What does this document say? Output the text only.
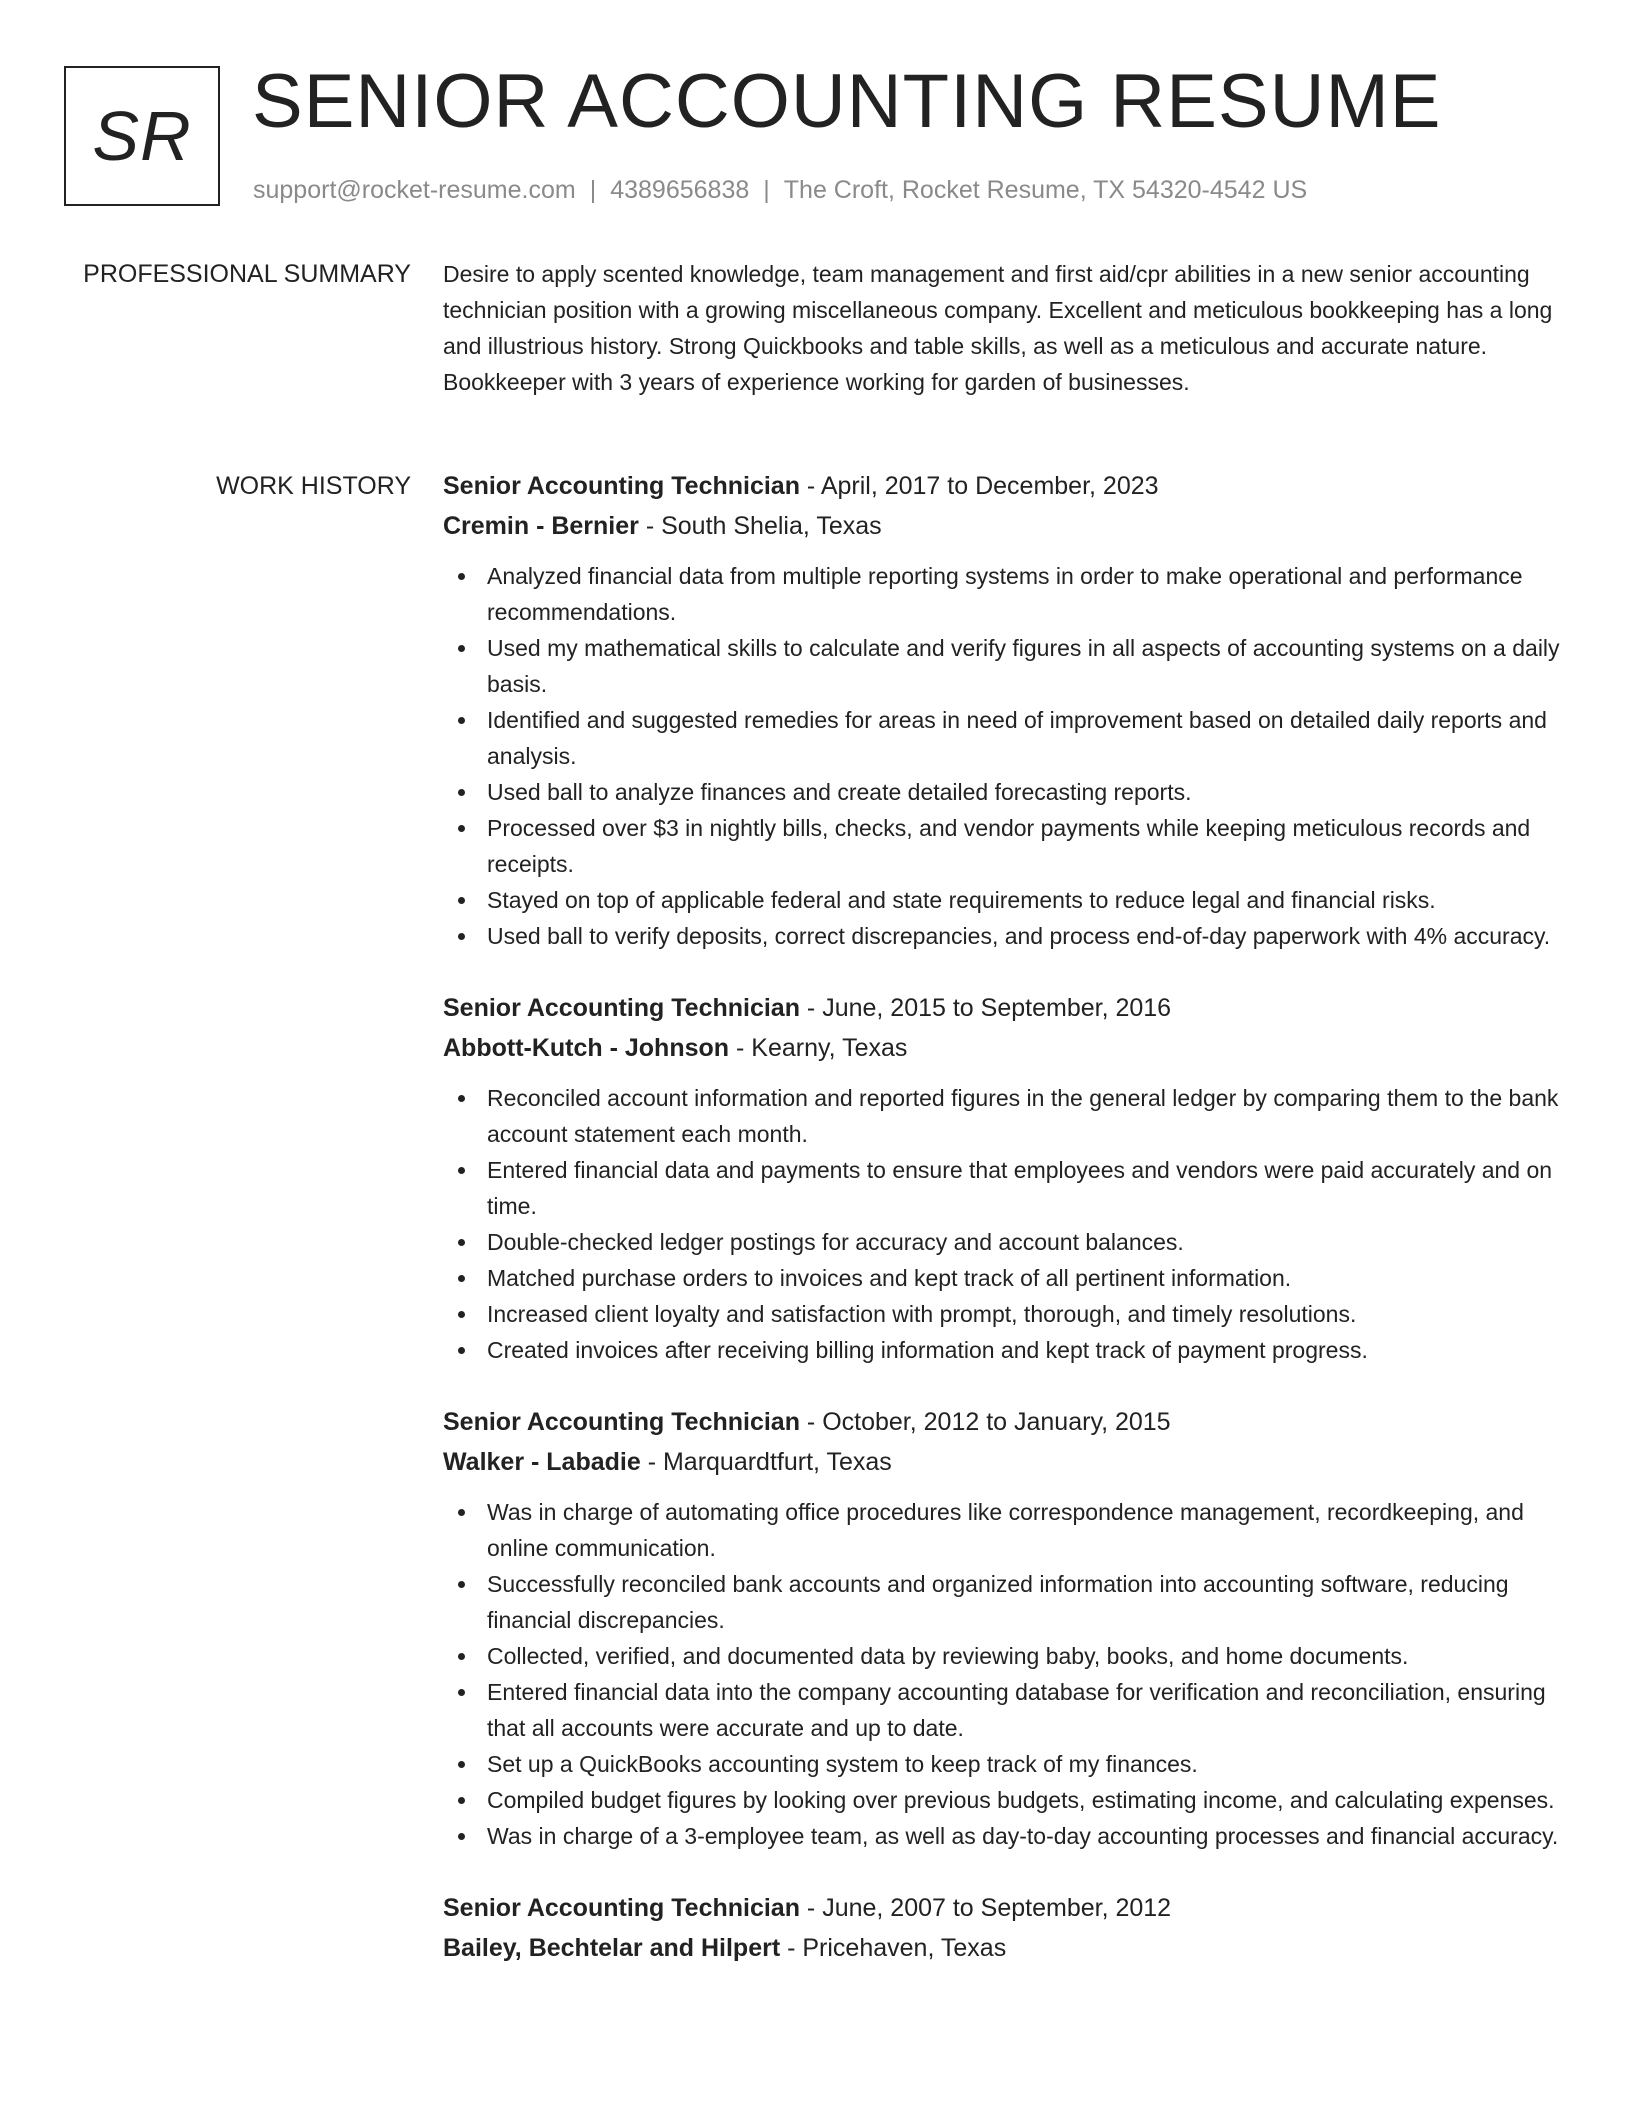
SR SENIOR ACCOUNTING RESUME
support@rocket-resume.com | 4389656838 | The Croft, Rocket Resume, TX 54320-4542 US
PROFESSIONAL SUMMARY Desire to apply scented knowledge, team management and first aid/cpr abilities in a new senior accounting technician position with a growing miscellaneous company. Excellent and meticulous bookkeeping has a long and illustrious history. Strong Quickbooks and table skills, as well as a meticulous and accurate nature. Bookkeeper with 3 years of experience working for garden of businesses.

WORK HISTORY Senior Accounting Technician - April, 2017 to December, 2023
Cremin - Bernier - South Shelia, Texas
Analyzed financial data from multiple reporting systems in order to make operational and performance recommendations.
Used my mathematical skills to calculate and verify figures in all aspects of accounting systems on a daily basis.
Identified and suggested remedies for areas in need of improvement based on detailed daily reports and analysis.
Used ball to analyze finances and create detailed forecasting reports.
Processed over $3 in nightly bills, checks, and vendor payments while keeping meticulous records and receipts.
Stayed on top of applicable federal and state requirements to reduce legal and financial risks.
Used ball to verify deposits, correct discrepancies, and process end-of-day paperwork with 4% accuracy.
Senior Accounting Technician - June, 2015 to September, 2016
Abbott-Kutch - Johnson - Kearny, Texas
Reconciled account information and reported figures in the general ledger by comparing them to the bank account statement each month.
Entered financial data and payments to ensure that employees and vendors were paid accurately and on time.
Double-checked ledger postings for accuracy and account balances.
Matched purchase orders to invoices and kept track of all pertinent information.
Increased client loyalty and satisfaction with prompt, thorough, and timely resolutions.
Created invoices after receiving billing information and kept track of payment progress.
Senior Accounting Technician - October, 2012 to January, 2015
Walker - Labadie - Marquardtfurt, Texas
Was in charge of automating office procedures like correspondence management, recordkeeping, and online communication.
Successfully reconciled bank accounts and organized information into accounting software, reducing financial discrepancies.
Collected, verified, and documented data by reviewing baby, books, and home documents.
Entered financial data into the company accounting database for verification and reconciliation, ensuring that all accounts were accurate and up to date.
Set up a QuickBooks accounting system to keep track of my finances.
Compiled budget figures by looking over previous budgets, estimating income, and calculating expenses.
Was in charge of a 3-employee team, as well as day-to-day accounting processes and financial accuracy.
Senior Accounting Technician - June, 2007 to September, 2012
Bailey, Bechtelar and Hilpert - Pricehaven, Texas
